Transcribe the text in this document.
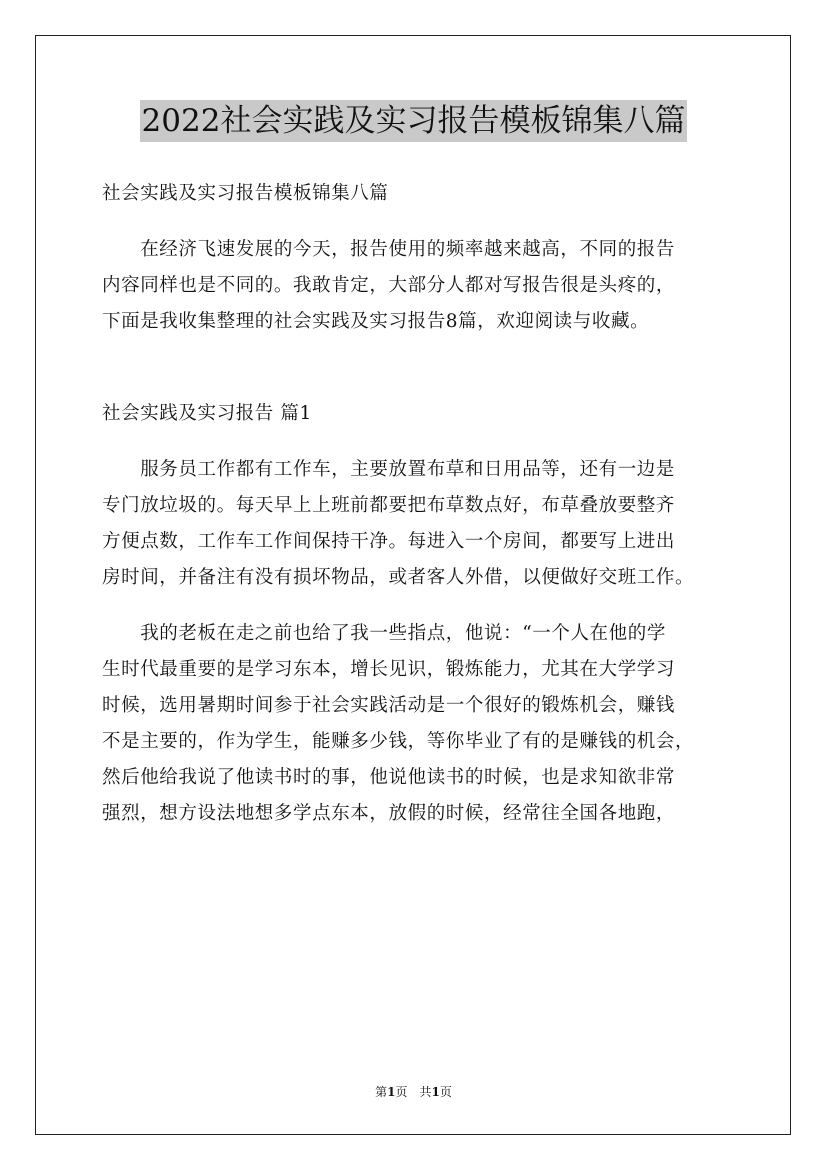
2022社会实践及实习报告模板锦集八篇
社会实践及实习报告模板锦集八篇
　　在经济飞速发展的今天，报告使用的频率越来越高，不同的报告
内容同样也是不同的。我敢肯定，大部分人都对写报告很是头疼的，
下面是我收集整理的社会实践及实习报告8篇，欢迎阅读与收藏。
社会实践及实习报告 篇1
　　服务员工作都有工作车，主要放置布草和日用品等，还有一边是
专门放垃圾的。每天早上上班前都要把布草数点好，布草叠放要整齐
方便点数，工作车工作间保持干净。每进入一个房间，都要写上进出
房时间，并备注有没有损坏物品，或者客人外借，以便做好交班工作。
　　我的老板在走之前也给了我一些指点，他说：“一个人在他的学
生时代最重要的是学习东本，增长见识，锻炼能力，尤其在大学学习
时候，选用暑期时间参于社会实践活动是一个很好的锻炼机会，赚钱
不是主要的，作为学生，能赚多少钱，等你毕业了有的是赚钱的机会，
然后他给我说了他读书时的事，他说他读书的时候，也是求知欲非常
强烈，想方设法地想多学点东本，放假的时候，经常往全国各地跑，
第1页　共1页
